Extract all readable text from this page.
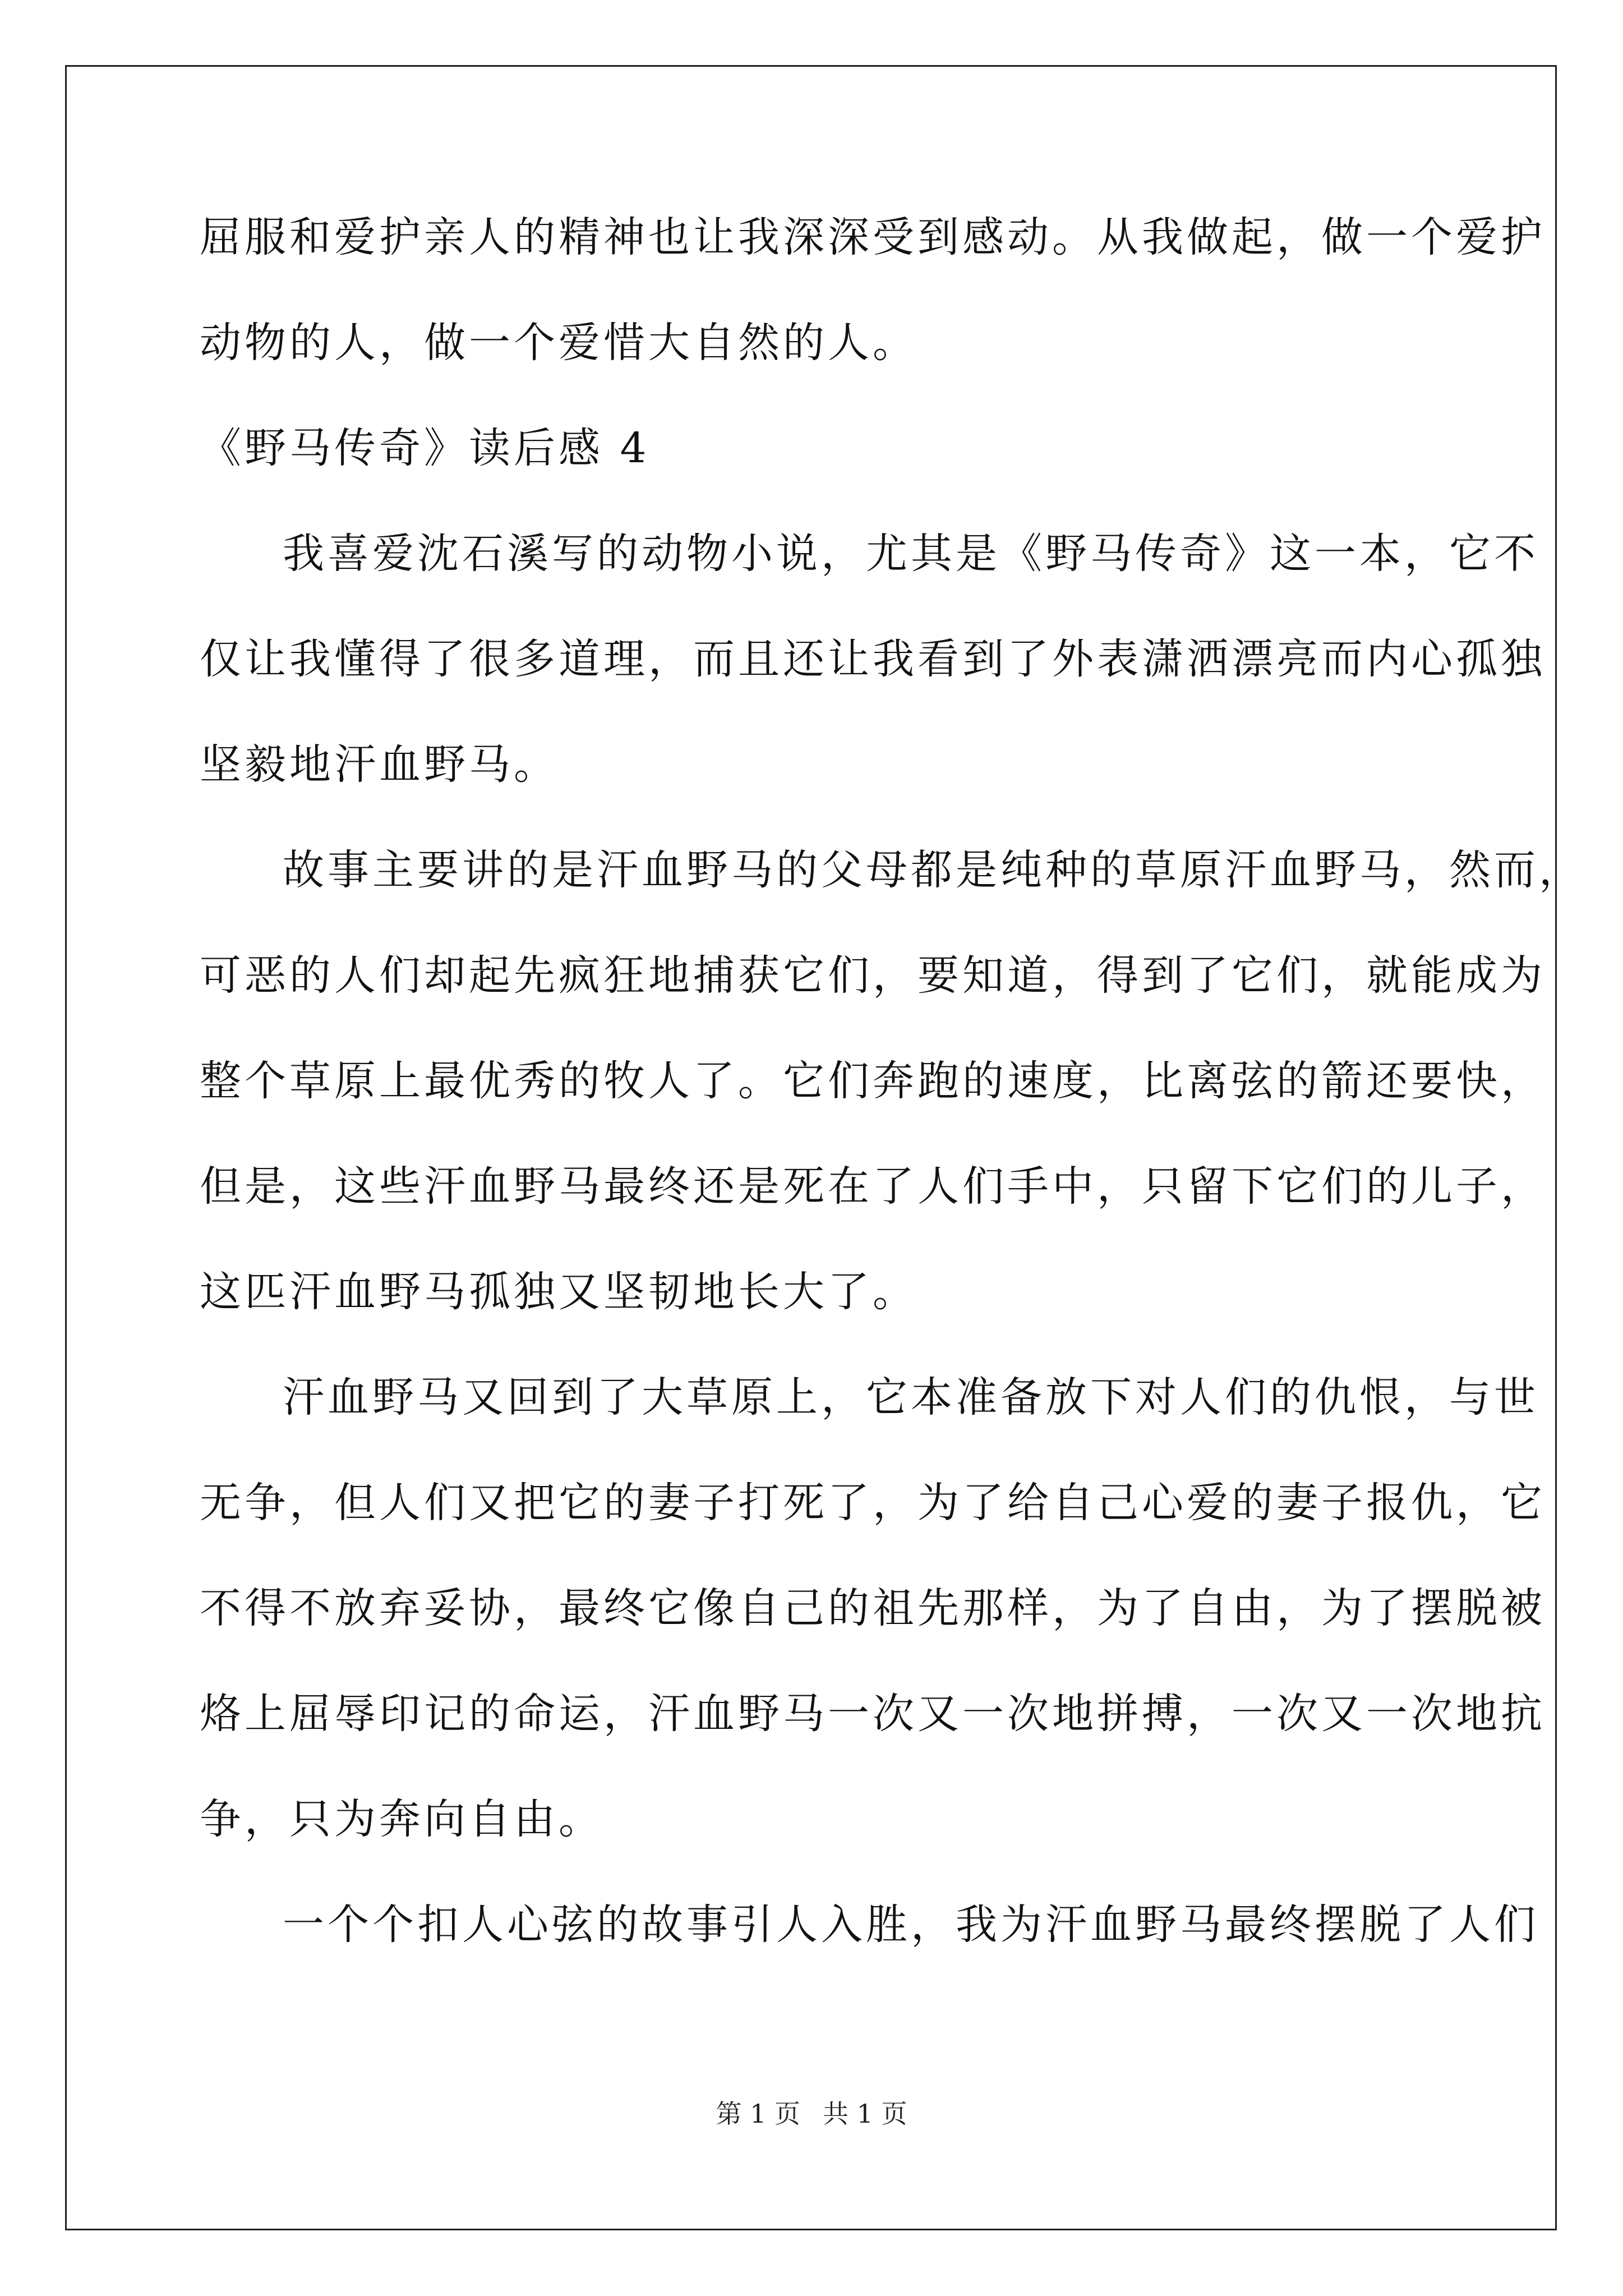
屈服和爱护亲人的精神也让我深深受到感动。从我做起，做一个爱护

动物的人，做一个爱惜大自然的人。

《野马传奇》读后感 4

我喜爱沈石溪写的动物小说，尤其是《野马传奇》这一本，它不

仅让我懂得了很多道理，而且还让我看到了外表潇洒漂亮而内心孤独

坚毅地汗血野马。

故事主要讲的是汗血野马的父母都是纯种的草原汗血野马，然而，

可恶的人们却起先疯狂地捕获它们，要知道，得到了它们，就能成为

整个草原上最优秀的牧人了。它们奔跑的速度，比离弦的箭还要快，

但是，这些汗血野马最终还是死在了人们手中，只留下它们的儿子，

这匹汗血野马孤独又坚韧地长大了。

汗血野马又回到了大草原上，它本准备放下对人们的仇恨，与世

无争，但人们又把它的妻子打死了，为了给自己心爱的妻子报仇，它

不得不放弃妥协，最终它像自己的祖先那样，为了自由，为了摆脱被

烙上屈辱印记的命运，汗血野马一次又一次地拼搏，一次又一次地抗

争，只为奔向自由。

一个个扣人心弦的故事引人入胜，我为汗血野马最终摆脱了人们

第 1 页 共 1 页
